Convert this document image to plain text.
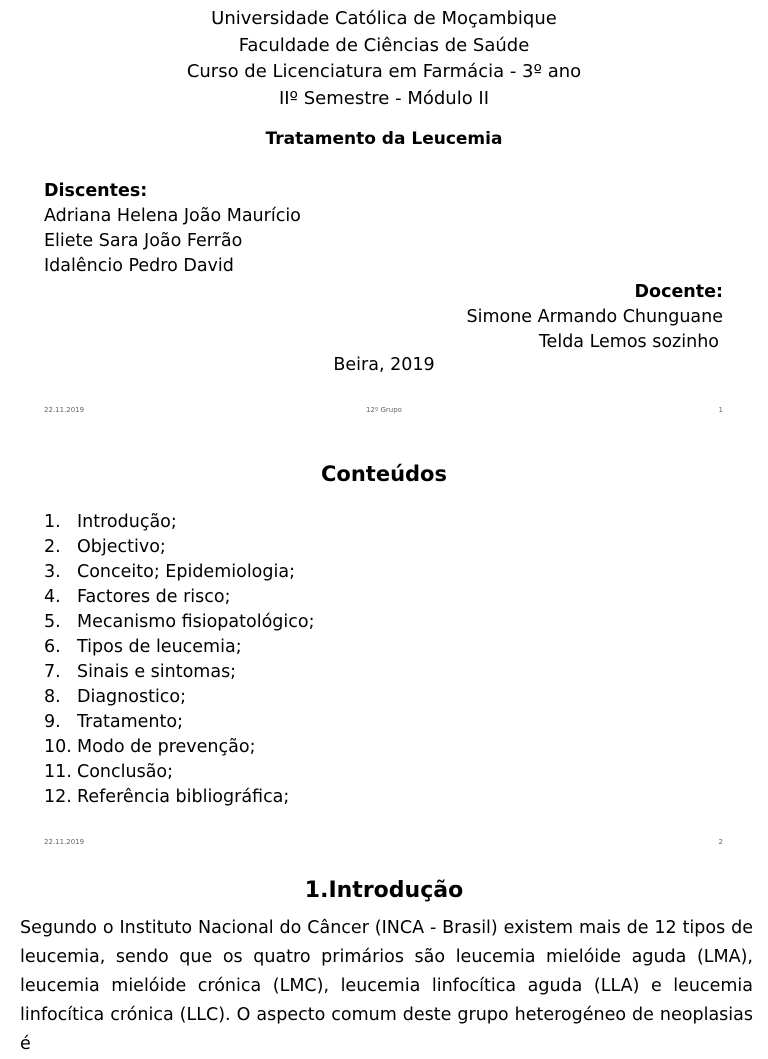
Universidade Católica de Moçambique
Faculdade de Ciências de Saúde
Curso de Licenciatura em Farmácia - 3º ano
IIº Semestre - Módulo II
Tratamento da Leucemia
Discentes:
Adriana Helena João Maurício
Eliete Sara João Ferrão
Idalêncio Pedro David
Docente:
Simone Armando Chunguane
Telda Lemos sozinho
Beira, 2019
22.11.2019	12º Grupo	1
Conteúdos
1. Introdução;
2. Objectivo;
3. Conceito; Epidemiologia;
4. Factores de risco;
5. Mecanismo fisiopatológico;
6. Tipos de leucemia;
7. Sinais e sintomas;
8. Diagnostico;
9. Tratamento;
10. Modo de prevenção;
11. Conclusão;
12. Referência bibliográfica;
22.11.2019	2
1.Introdução

Segundo o Instituto Nacional do Câncer (INCA - Brasil) existem mais de 12 tipos de leucemia, sendo que os quatro primários são leucemia mielóide aguda (LMA), leucemia mielóide crónica (LMC), leucemia linfocítica aguda (LLA) e leucemia linfocítica crónica (LLC). O aspecto comum deste grupo heterogéneo de neoplasias é
